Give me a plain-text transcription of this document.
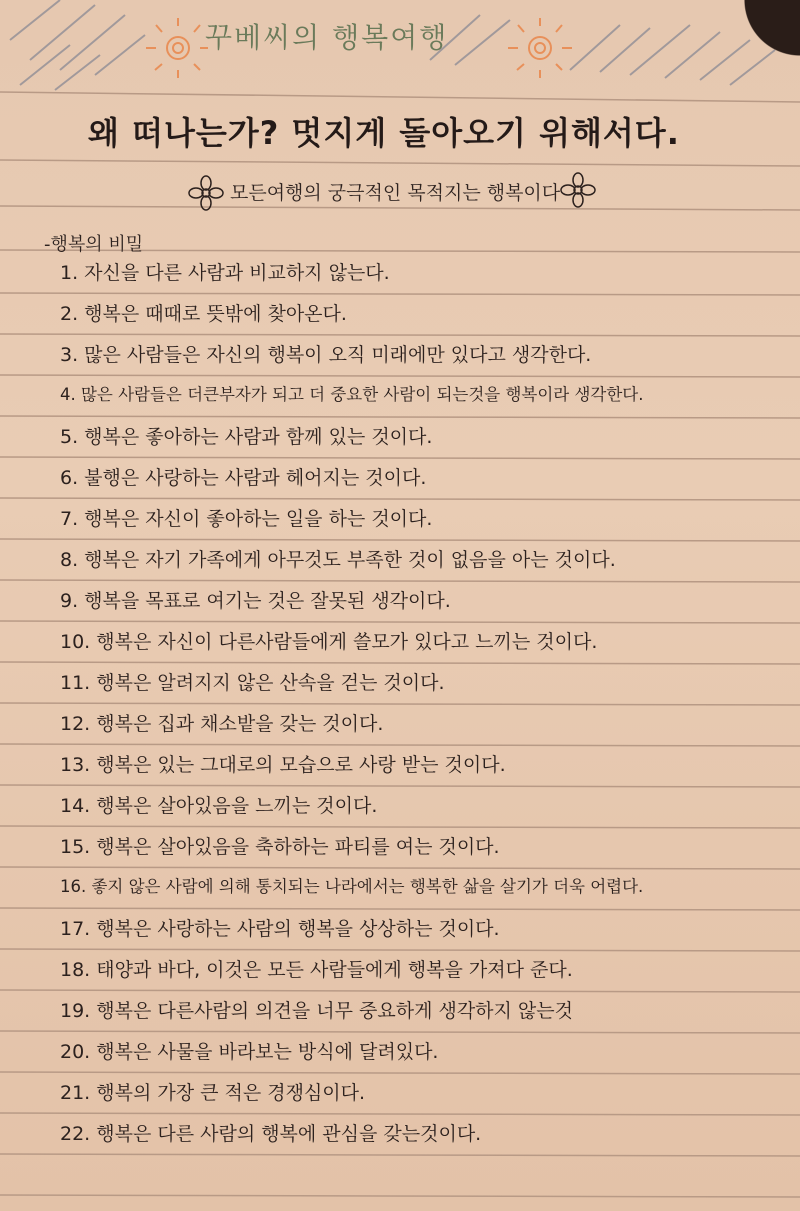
꾸베씨의 행복여행
왜 떠나는가? 멋지게 돌아오기 위해서다.
모든여행의 궁극적인 목적지는 행복이다
-행복의 비밀
1. 자신을 다른 사람과 비교하지 않는다.
2. 행복은 때때로 뜻밖에 찾아온다.
3. 많은 사람들은 자신의 행복이 오직 미래에만 있다고 생각한다.
4. 많은 사람들은 더큰부자가 되고 더 중요한 사람이 되는것을 행복이라 생각한다.
5. 행복은 좋아하는 사람과 함께 있는 것이다.
6. 불행은 사랑하는 사람과 헤어지는 것이다.
7. 행복은 자신이 좋아하는 일을 하는 것이다.
8. 행복은 자기 가족에게 아무것도 부족한 것이 없음을 아는 것이다.
9. 행복을 목표로 여기는 것은 잘못된 생각이다.
10. 행복은 자신이 다른사람들에게 쓸모가 있다고 느끼는 것이다.
11. 행복은 알려지지 않은 산속을 걷는 것이다.
12. 행복은 집과 채소밭을 갖는 것이다.
13. 행복은 있는 그대로의 모습으로 사랑 받는 것이다.
14. 행복은 살아있음을 느끼는 것이다.
15. 행복은 살아있음을 축하하는 파티를 여는 것이다.
16. 좋지 않은 사람에 의해 통치되는 나라에서는 행복한 삶을 살기가 더욱 어렵다.
17. 행복은 사랑하는 사람의 행복을 상상하는 것이다.
18. 태양과 바다, 이것은 모든 사람들에게 행복을 가져다 준다.
19. 행복은 다른사람의 의견을 너무 중요하게 생각하지 않는것
20. 행복은 사물을 바라보는 방식에 달려있다.
21. 행복의 가장 큰 적은 경쟁심이다.
22. 행복은 다른 사람의 행복에 관심을 갖는것이다.
